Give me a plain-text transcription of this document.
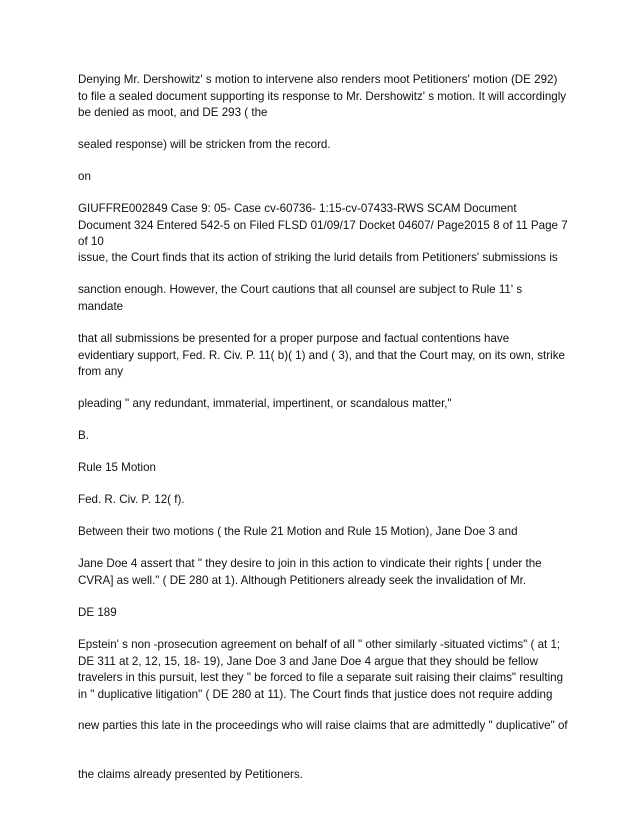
Denying Mr. Dershowitz' s motion to intervene also renders moot Petitioners' motion (DE 292) to file a sealed document supporting its response to Mr. Dershowitz' s motion. It will accordingly be denied as moot, and DE 293 ( the

sealed response) will be stricken from the record.

on

GIUFFRE002849 Case 9: 05- Case cv-60736- 1:15-cv-07433-RWS SCAM Document Document 324 Entered 542-5 on Filed FLSD 01/09/17 Docket 04607/ Page2015 8 of 11 Page 7 of 10

issue, the Court finds that its action of striking the lurid details from Petitioners' submissions is

sanction enough. However, the Court cautions that all counsel are subject to Rule 11' s mandate

that all submissions be presented for a proper purpose and factual contentions have evidentiary support, Fed. R. Civ. P. 11( b)( 1) and ( 3), and that the Court may, on its own, strike from any

pleading " any redundant, immaterial, impertinent, or scandalous matter,"

B.

Rule 15 Motion

Fed. R. Civ. P. 12( f).

Between their two motions ( the Rule 21 Motion and Rule 15 Motion), Jane Doe 3 and

Jane Doe 4 assert that " they desire to join in this action to vindicate their rights [ under the CVRA] as well." ( DE 280 at 1). Although Petitioners already seek the invalidation of Mr.

DE 189

Epstein' s non -prosecution agreement on behalf of all " other similarly -situated victims" ( at 1; DE 311 at 2, 12, 15, 18- 19), Jane Doe 3 and Jane Doe 4 argue that they should be fellow travelers in this pursuit, lest they " be forced to file a separate suit raising their claims" resulting in " duplicative litigation" ( DE 280 at 11). The Court finds that justice does not require adding

new parties this late in the proceedings who will raise claims that are admittedly " duplicative" of

the claims already presented by Petitioners.
